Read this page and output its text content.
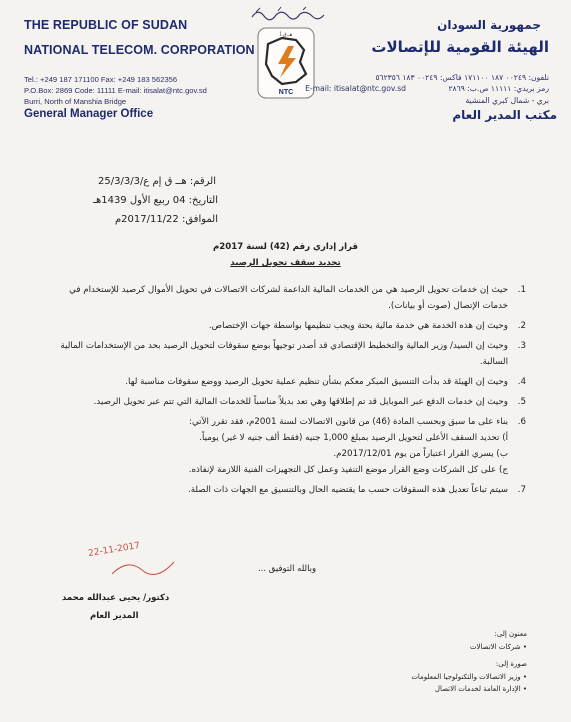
NTC
هـ.ق.أ
THE REPUBLIC OF SUDAN
NATIONAL TELECOM. CORPORATION
Tel.: +249 187 171100 Fax: +249 183 562356
P.O.Box: 2869 Code: 11111 E-mail: itisalat@ntc.gov.sd
Burri, North of Manshia Bridge
General Manager Office
جمهورية السودان
الهيئة القومية للإتصالات
تلفون: ٠٠٢٤٩ ١٨٧ ١٧١١٠٠ فاكس: ٠٠٢٤٩ ١٨٣ ٥٦٢٣٥٦
رمز بريدي: ١١١١١ ص.ب: ٢٨٦٩
E-mail: itisalat@ntc.gov.sd
بري - شمال كبري المنشية
مكتب المدير العام
الرقم: هــ ق إم ع/25/3/3/3
التاريخ: 04 ربيع الأول 1439هـ
الموافق: 2017/11/22م
قرار إداري رقم (42) لسنة 2017م
تحديد سقف تحويل الرصيد
1.
حيث إن خدمات تحويل الرصيد هي من الخدمات المالية الداعمة لشركات الاتصالات في تحويل الأموال كرصيد للإستخدام في خدمات الإتصال (صوت أو بيانات).
2.
وحيث إن هذه الخدمة هي خدمة مالية بحتة ويجب تنظيمها بواسطة جهات الإختصاص.
3.
وحيث إن السيد/ وزير المالية والتخطيط الإقتصادي قد أصدر توجيهاً بوضع سقوفات لتحويل الرصيد بحد من الإستخدامات المالية السالبة.
4.
وحيث إن الهيئة قد بدأت التنسيق المبكر معكم بشأن تنظيم عملية تحويل الرصيد ووضع سقوفات مناسبة لها.
5.
وحيث إن خدمات الدفع عبر الموبايل قد تم إطلاقها وهي تعد بديلاً مناسباً للخدمات المالية التي تتم عبر تحويل الرصيد.
6.
بناء على ما سبق وبحسب المادة (46) من قانون الاتصالات لسنة 2001م، فقد تقرر الآتي:
أ) تحديد السقف الأعلى لتحويل الرصيد بمبلغ 1,000 جنيه (فقط ألف جنيه لا غير) يومياً.
ب) يسري القرار اعتباراً من يوم 2017/12/01م.
ج) على كل الشركات وضع القرار موضع التنفيذ وعمل كل التجهيزات الفنية اللازمة لإنفاذه.
7.
سيتم تباعاً تعديل هذه السقوفات حسب ما يقتضيه الحال وبالتنسيق مع الجهات ذات الصلة.
وبالله التوفيق ...
22-11-2017
دكتور/ يحيى عبدالله محمد
المدير العام
معنون إلى:
• شركات الاتصالات
صورة إلى:
• وزير الاتصالات والتكنولوجيا المعلومات
• الإدارة العامة لخدمات الاتصال
